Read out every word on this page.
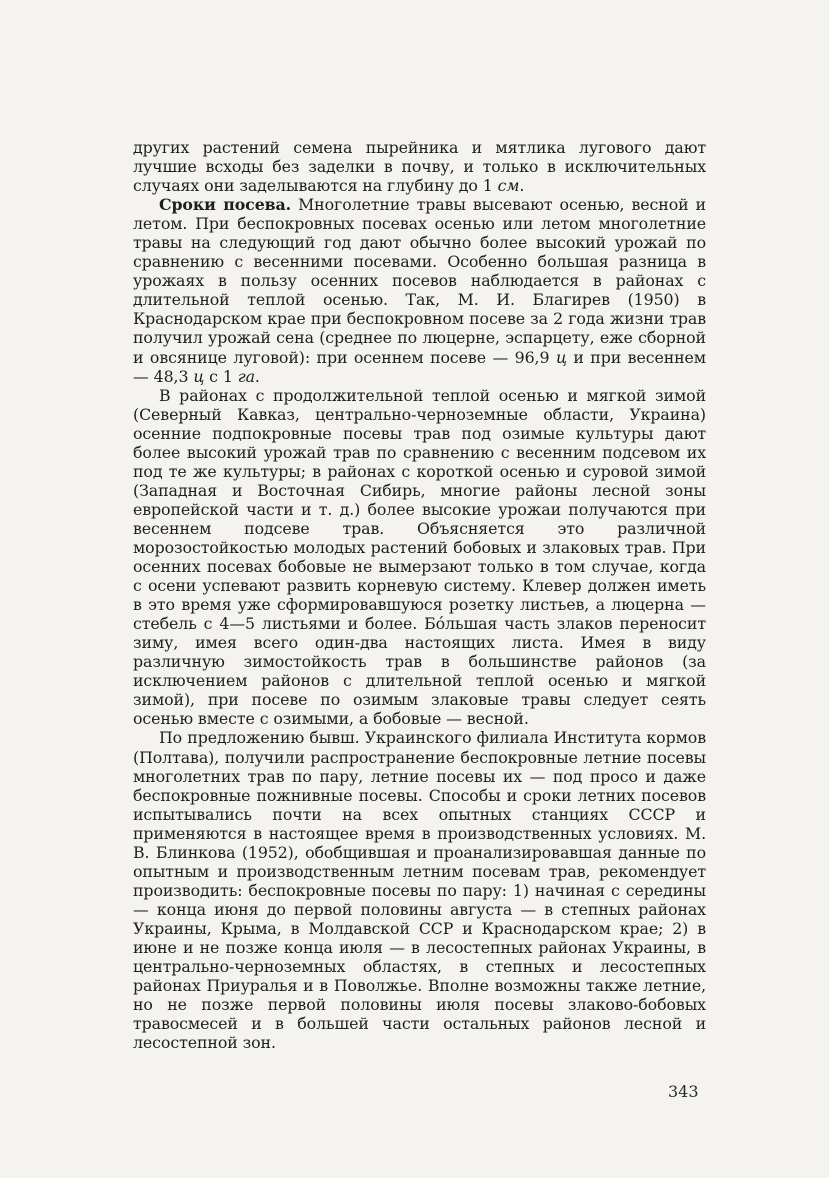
других растений семена пырейника и мятлика лугового дают лучшие всходы без заделки в почву, и только в исключительных случаях они заделываются на глубину до 1 см.

Сроки посева. Многолетние травы высевают осенью, весной и летом. При беспокровных посевах осенью или летом многолетние травы на следующий год дают обычно более высокий урожай по сравнению с весенними посевами. Особенно большая разница в урожаях в пользу осенних посевов наблюдается в районах с длительной теплой осенью. Так, М. И. Благирев (1950) в Краснодарском крае при беспокровном посеве за 2 года жизни трав получил урожай сена (среднее по люцерне, эспарцету, еже сборной и овсянице луговой): при осеннем посеве — 96,9 ц и при весеннем — 48,3 ц с 1 га.

В районах с продолжительной теплой осенью и мягкой зимой (Северный Кавказ, центрально-черноземные области, Украина) осенние подпокровные посевы трав под озимые культуры дают более высокий урожай трав по сравнению с весенним подсевом их под те же культуры; в районах с короткой осенью и суровой зимой (Западная и Восточная Сибирь, многие районы лесной зоны европейской части и т. д.) более высокие урожаи получаются при весеннем подсеве трав. Объясняется это различной морозостойкостью молодых растений бобовых и злаковых трав. При осенних посевах бобовые не вымерзают только в том случае, когда с осени успевают развить корневую систему. Клевер должен иметь в это время уже сформировавшуюся розетку листьев, а люцерна — стебель с 4—5 листьями и более. Бо́льшая часть злаков переносит зиму, имея всего один-два настоящих листа. Имея в виду различную зимостойкость трав в большинстве районов (за исключением районов с длительной теплой осенью и мягкой зимой), при посеве по озимым злаковые травы следует сеять осенью вместе с озимыми, а бобовые — весной.

По предложению бывш. Украинского филиала Института кормов (Полтава), получили распространение беспокровные летние посевы многолетних трав по пару, летние посевы их — под просо и даже беспокровные пожнивные посевы. Способы и сроки летних посевов испытывались почти на всех опытных станциях СССР и применяются в настоящее время в производственных условиях. М. В. Блинкова (1952), обобщившая и проанализировавшая данные по опытным и производственным летним посевам трав, рекомендует производить: беспокровные посевы по пару: 1) начиная с середины — конца июня до первой половины августа — в степных районах Украины, Крыма, в Молдавской ССР и Краснодарском крае; 2) в июне и не позже конца июля — в лесостепных районах Украины, в центрально-черноземных областях, в степных и лесостепных районах Приуралья и в Поволжье. Вполне возможны также летние, но не позже первой половины июля посевы злаково-бобовых травосмесей и в большей части остальных районов лесной и лесостепной зон.

343
